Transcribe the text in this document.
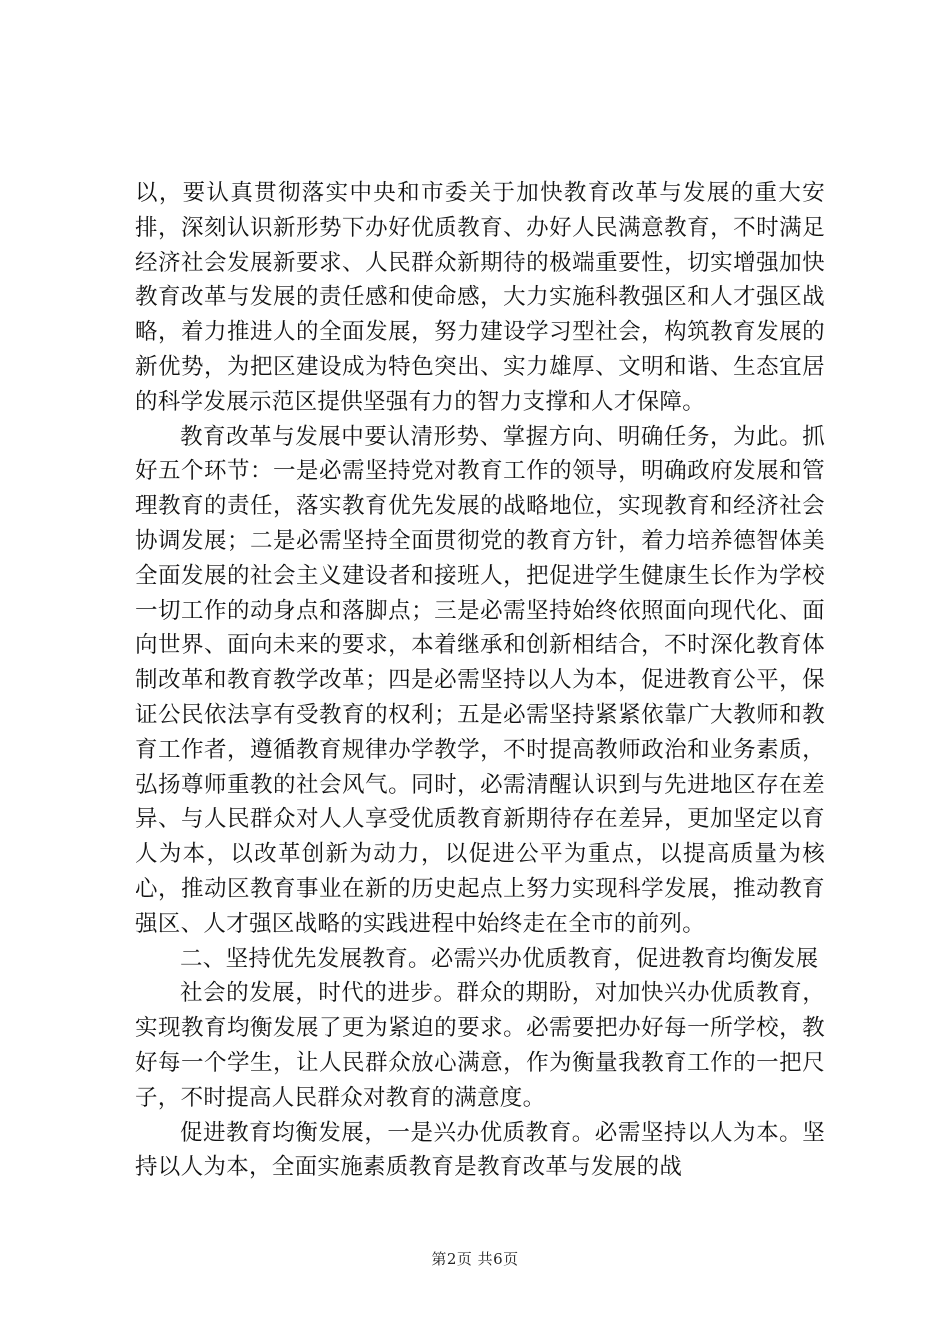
以，要认真贯彻落实中央和市委关于加快教育改革与发展的重大安排，深刻认识新形势下办好优质教育、办好人民满意教育，不时满足经济社会发展新要求、人民群众新期待的极端重要性，切实增强加快教育改革与发展的责任感和使命感，大力实施科教强区和人才强区战略，着力推进人的全面发展，努力建设学习型社会，构筑教育发展的新优势，为把区建设成为特色突出、实力雄厚、文明和谐、生态宜居的科学发展示范区提供坚强有力的智力支撑和人才保障。

教育改革与发展中要认清形势、掌握方向、明确任务，为此。抓好五个环节：一是必需坚持党对教育工作的领导，明确政府发展和管理教育的责任，落实教育优先发展的战略地位，实现教育和经济社会协调发展；二是必需坚持全面贯彻党的教育方针，着力培养德智体美全面发展的社会主义建设者和接班人，把促进学生健康生长作为学校一切工作的动身点和落脚点；三是必需坚持始终依照面向现代化、面向世界、面向未来的要求，本着继承和创新相结合，不时深化教育体制改革和教育教学改革；四是必需坚持以人为本，促进教育公平，保证公民依法享有受教育的权利；五是必需坚持紧紧依靠广大教师和教育工作者，遵循教育规律办学教学，不时提高教师政治和业务素质，弘扬尊师重教的社会风气。同时，必需清醒认识到与先进地区存在差异、与人民群众对人人享受优质教育新期待存在差异，更加坚定以育人为本，以改革创新为动力，以促进公平为重点，以提高质量为核心，推动区教育事业在新的历史起点上努力实现科学发展，推动教育强区、人才强区战略的实践进程中始终走在全市的前列。

二、坚持优先发展教育。必需兴办优质教育，促进教育均衡发展

社会的发展，时代的进步。群众的期盼，对加快兴办优质教育，实现教育均衡发展了更为紧迫的要求。必需要把办好每一所学校，教好每一个学生，让人民群众放心满意，作为衡量我教育工作的一把尺子，不时提高人民群众对教育的满意度。

促进教育均衡发展，一是兴办优质教育。必需坚持以人为本。坚持以人为本，全面实施素质教育是教育改革与发展的战

第2页 共6页
